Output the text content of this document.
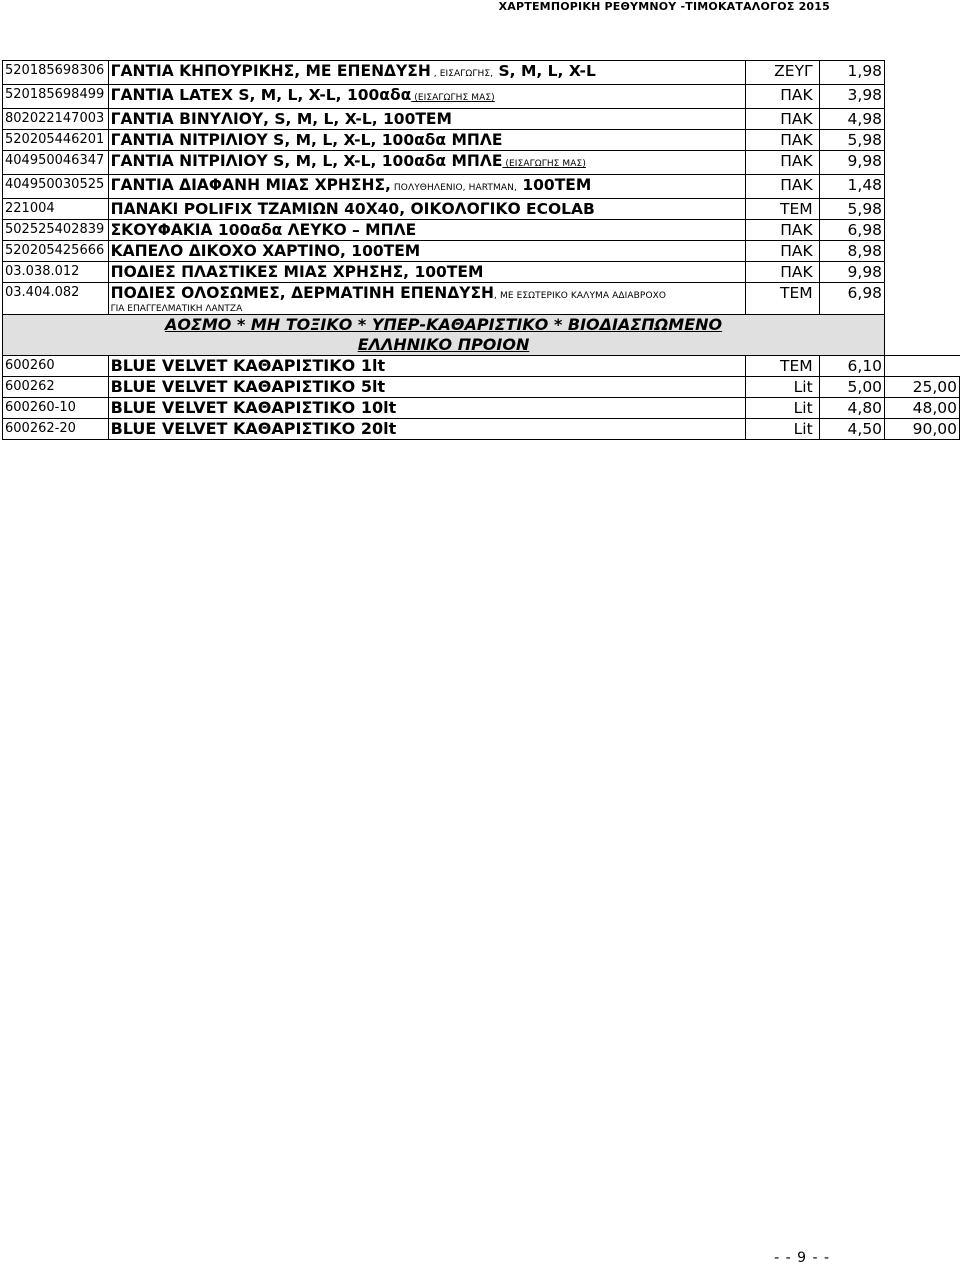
ΧΑΡΤΕΜΠΟΡΙΚΗ ΡΕΘΥΜΝΟΥ -ΤΙΜΟΚΑΤΑΛΟΓΟΣ 2015
520185698306	ΓΑΝΤΙΑ ΚΗΠΟΥΡΙΚΗΣ, ΜΕ ΕΠΕΝΔΥΣΗ , ΕΙΣΑΓΩΓΗΣ, S, M, L, X-L	ΖΕΥΓ	1,98	
520185698499	ΓΑΝΤΙΑ LATEX S, M, L, X-L, 100αδα (ΕΙΣΑΓΩΓΗΣ ΜΑΣ)	ΠΑΚ	3,98	
802022147003	ΓΑΝΤΙΑ ΒΙΝΥΛΙΟΥ, S, M, L, X-L, 100ΤΕΜ	ΠΑΚ	4,98	
520205446201	ΓΑΝΤΙΑ ΝΙΤΡΙΛΙΟΥ S, M, L, X-L, 100αδα ΜΠΛΕ	ΠΑΚ	5,98	
404950046347	ΓΑΝΤΙΑ ΝΙΤΡΙΛΙΟΥ S, M, L, X-L, 100αδα ΜΠΛΕ (ΕΙΣΑΓΩΓΗΣ ΜΑΣ)	ΠΑΚ	9,98	
404950030525	ΓΑΝΤΙΑ ΔΙΑΦΑΝΗ ΜΙΑΣ ΧΡΗΣΗΣ, ΠΟΛΥΘΗΛΕΝΙΟ, HARTMAN, 100ΤΕΜ	ΠΑΚ	1,48	
221004	ΠΑΝΑΚΙ POLIFIX ΤΖΑΜΙΩΝ 40Χ40, ΟΙΚΟΛΟΓΙΚΟ ECOLAB	ΤΕΜ	5,98	
502525402839	ΣΚΟΥΦΑΚΙΑ 100αδα ΛΕΥΚΟ – ΜΠΛΕ	ΠΑΚ	6,98	
520205425666	ΚΑΠΕΛΟ ΔΙΚΟΧΟ ΧΑΡΤΙΝΟ, 100ΤΕΜ	ΠΑΚ	8,98	
03.038.012	ΠΟΔΙΕΣ ΠΛΑΣΤΙΚΕΣ ΜΙΑΣ ΧΡΗΣΗΣ, 100ΤΕΜ	ΠΑΚ	9,98	
03.404.082	ΠΟΔΙΕΣ ΟΛΟΣΩΜΕΣ, ΔΕΡΜΑΤΙΝΗ ΕΠΕΝΔΥΣΗ, ΜΕ ΕΣΩΤΕΡΙΚΟ ΚΑΛΥΜΑ ΑΔΙΑΒΡΟΧΟ
ΓΙΑ ΕΠΑΓΓΕΛΜΑΤΙΚΗ ΛΑΝΤΖΑ	ΤΕΜ	6,98	

ΑΟΣΜΟ * ΜΗ ΤΟΞΙΚΟ * ΥΠΕΡ-ΚΑΘΑΡΙΣΤΙΚΟ * ΒΙΟΔΙΑΣΠΩΜΕΝΟ
ΕΛΛΗΝΙΚΟ ΠΡΟΙΟΝ				

600260	BLUE VELVET ΚΑΘΑΡΙΣΤΙΚΟ 1lt	ΤΕΜ	6,10	
600262	BLUE VELVET ΚΑΘΑΡΙΣΤΙΚΟ 5lt	Lit	5,00	25,00
600260-10	BLUE VELVET ΚΑΘΑΡΙΣΤΙΚΟ 10lt	Lit	4,80	48,00
600262-20	BLUE VELVET ΚΑΘΑΡΙΣΤΙΚΟ 20lt	Lit	4,50	90,00
- - 9 - -
